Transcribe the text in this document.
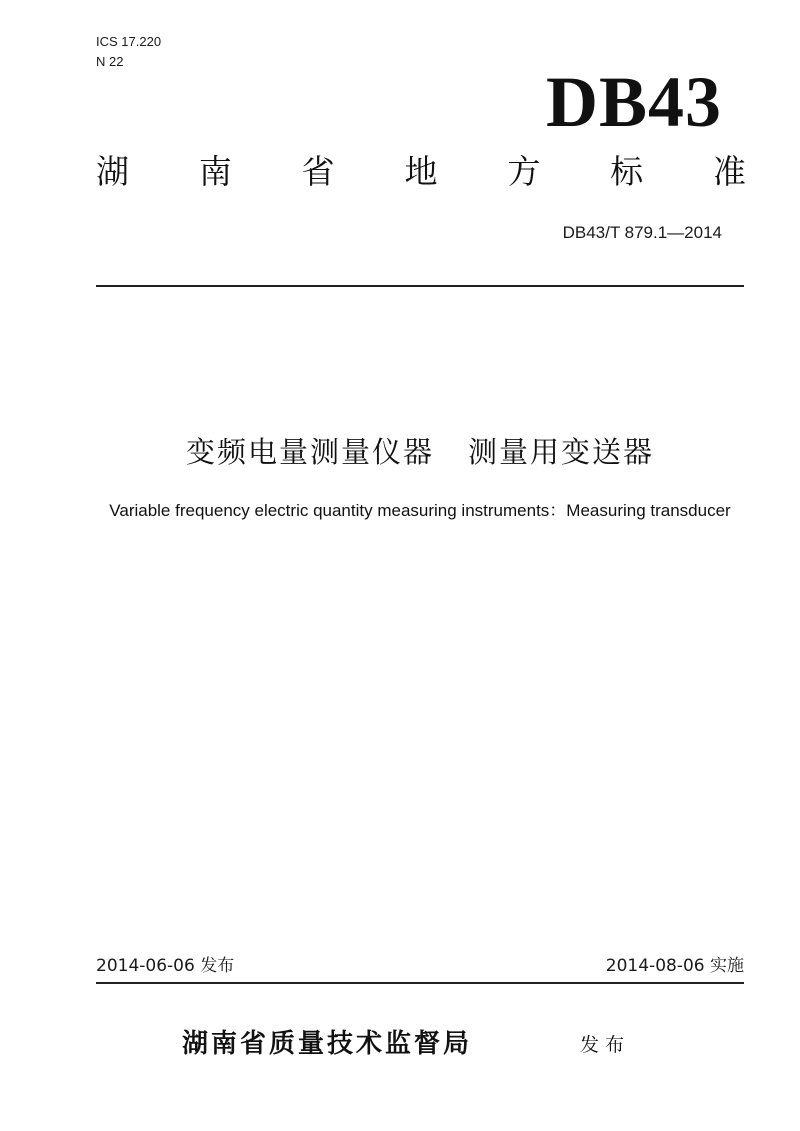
ICS 17.220
N 22
DB43
湖 南 省 地 方 标 准
DB43/T 879.1—2014
变频电量测量仪器 测量用变送器
Variable frequency electric quantity measuring instruments：Measuring transducer
2014-06-06 发布	2014-08-06 实施
湖南省质量技术监督局	发布
